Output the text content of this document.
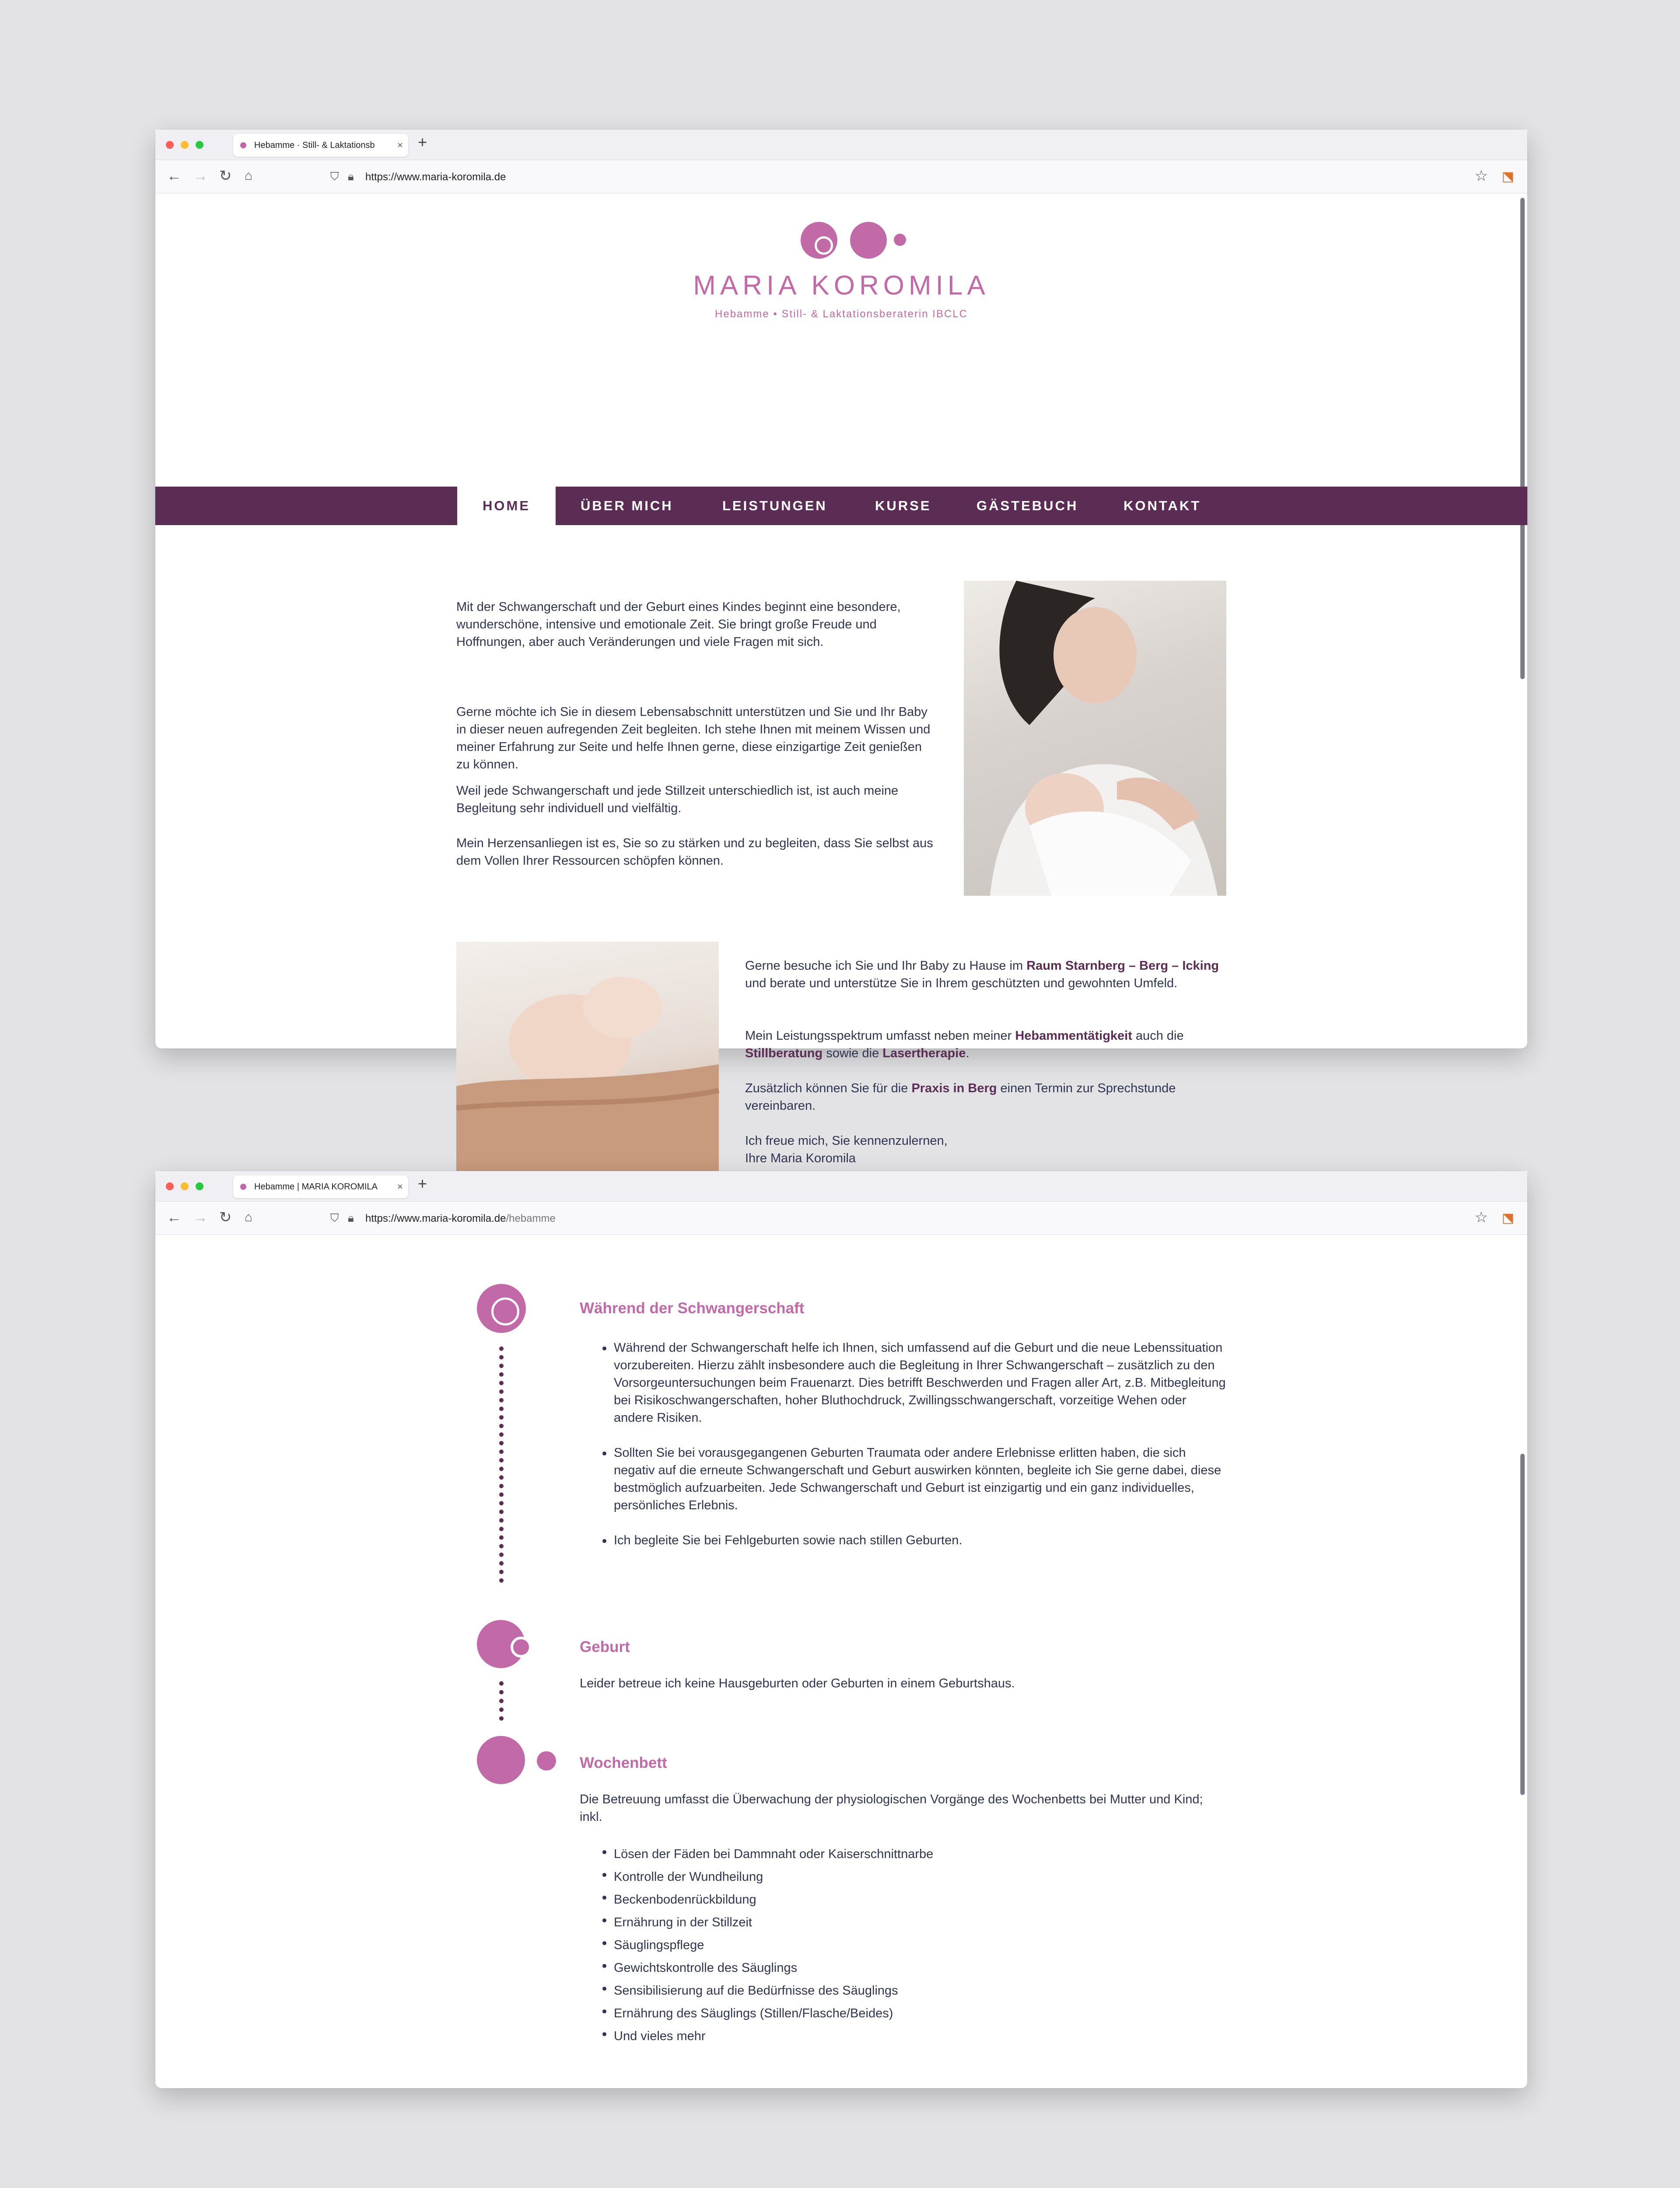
Hebamme · Still- & Laktationsb × +
← → ↻ ⌂	⛉ 🔒︎ https://www.maria-koromila.de	☆ ⬔
MARIA KOROMILA
Hebamme • Still- & Laktationsberaterin IBCLC
HOME	ÜBER MICH	LEISTUNGEN	KURSE	GÄSTEBUCH	KONTAKT

Mit der Schwangerschaft und der Geburt eines Kindes beginnt eine besondere, wunderschöne, intensive und emotionale Zeit. Sie bringt große Freude und Hoffnungen, aber auch Veränderungen und viele Fragen mit sich.

Gerne möchte ich Sie in diesem Lebensabschnitt unterstützen und Sie und Ihr Baby in dieser neuen aufregenden Zeit begleiten. Ich stehe Ihnen mit meinem Wissen und meiner Erfahrung zur Seite und helfe Ihnen gerne, diese einzigartige Zeit genießen zu können.

Weil jede Schwangerschaft und jede Stillzeit unterschiedlich ist, ist auch meine Begleitung sehr individuell und vielfältig.

Mein Herzensanliegen ist es, Sie so zu stärken und zu begleiten, dass Sie selbst aus dem Vollen Ihrer Ressourcen schöpfen können.

Gerne besuche ich Sie und Ihr Baby zu Hause im Raum Starnberg – Berg – Icking und berate und unterstütze Sie in Ihrem geschützten und gewohnten Umfeld.

Mein Leistungsspektrum umfasst neben meiner Hebammentätigkeit auch die Stillberatung sowie die Lasertherapie.

Zusätzlich können Sie für die Praxis in Berg einen Termin zur Sprechstunde vereinbaren.

Ich freue mich, Sie kennenzulernen,

Ihre Maria Koromila

Hebamme | MARIA KOROMILA × +
← → ↻ ⌂	⛉ 🔒︎ https://www.maria-koromila.de/hebamme	☆ ⬔
Während der Schwangerschaft
Während der Schwangerschaft helfe ich Ihnen, sich umfassend auf die Geburt und die neue Lebenssituation vorzubereiten. Hierzu zählt insbesondere auch die Begleitung in Ihrer Schwangerschaft – zusätzlich zu den Vorsorgeuntersuchungen beim Frauenarzt. Dies betrifft Beschwerden und Fragen aller Art, z.B. Mitbegleitung bei Risikoschwangerschaften, hoher Bluthochdruck, Zwillingsschwangerschaft, vorzeitige Wehen oder andere Risiken.
Sollten Sie bei vorausgegangenen Geburten Traumata oder andere Erlebnisse erlitten haben, die sich negativ auf die erneute Schwangerschaft und Geburt auswirken könnten, begleite ich Sie gerne dabei, diese bestmöglich aufzuarbeiten. Jede Schwangerschaft und Geburt ist einzigartig und ein ganz individuelles, persönliches Erlebnis.
Ich begleite Sie bei Fehlgeburten sowie nach stillen Geburten.
Geburt

Leider betreue ich keine Hausgeburten oder Geburten in einem Geburtshaus.

Wochenbett

Die Betreuung umfasst die Überwachung der physiologischen Vorgänge des Wochenbetts bei Mutter und Kind; inkl.

Lösen der Fäden bei Dammnaht oder Kaiserschnittnarbe
Kontrolle der Wundheilung
Beckenbodenrückbildung
Ernährung in der Stillzeit
Säuglingspflege
Gewichtskontrolle des Säuglings
Sensibilisierung auf die Bedürfnisse des Säuglings
Ernährung des Säuglings (Stillen/Flasche/Beides)
Und vieles mehr
